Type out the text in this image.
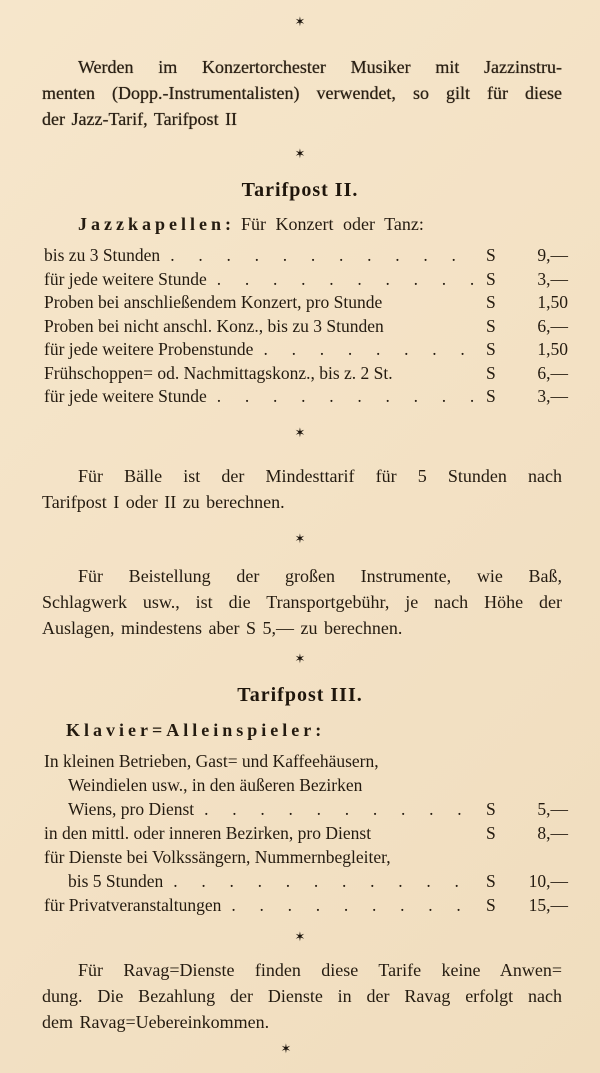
✶
Werden im Konzertorchester Musiker mit Jazzinstru-
menten (Dopp.-Instrumentalisten) verwendet, so gilt für diese
der Jazz-Tarif, Tarifpost II
✶
Tarifpost II.
Jazzkapellen: Für Konzert oder Tanz:
bis zu 3 Stunden .  .	S	9,—
für jede weitere Stunde .  .	S	3,—
Proben bei anschließendem Konzert, pro Stunde	S	1,50
Proben bei nicht anschl. Konz., bis zu 3 Stunden	S	6,—
für jede weitere Probenstunde .  .	S	1,50
Frühschoppen= od. Nachmittagskonz., bis z. 2 St.	S	6,—
für jede weitere Stunde .  .	S	3,—
✶
Für Bälle ist der Mindesttarif für 5 Stunden nach
Tarifpost I oder II zu berechnen.
✶
Für Beistellung der großen Instrumente, wie Baß,
Schlagwerk usw., ist die Transportgebühr, je nach Höhe der
Auslagen, mindestens aber S 5,— zu berechnen.
✶
Tarifpost III.
Klavier=Alleinspieler:
In kleinen Betrieben, Gast= und Kaffeehäusern,
Weindielen usw., in den äußeren Bezirken
Wiens, pro Dienst .  .	S	5,—
in den mittl. oder inneren Bezirken, pro Dienst	S	8,—
für Dienste bei Volkssängern, Nummernbegleiter,
bis 5 Stunden .  .	S	10,—
für Privatveranstaltungen .  .	S	15,—
✶
Für Ravag=Dienste finden diese Tarife keine Anwen=
dung. Die Bezahlung der Dienste in der Ravag erfolgt nach
dem Ravag=Uebereinkommen.
✶
